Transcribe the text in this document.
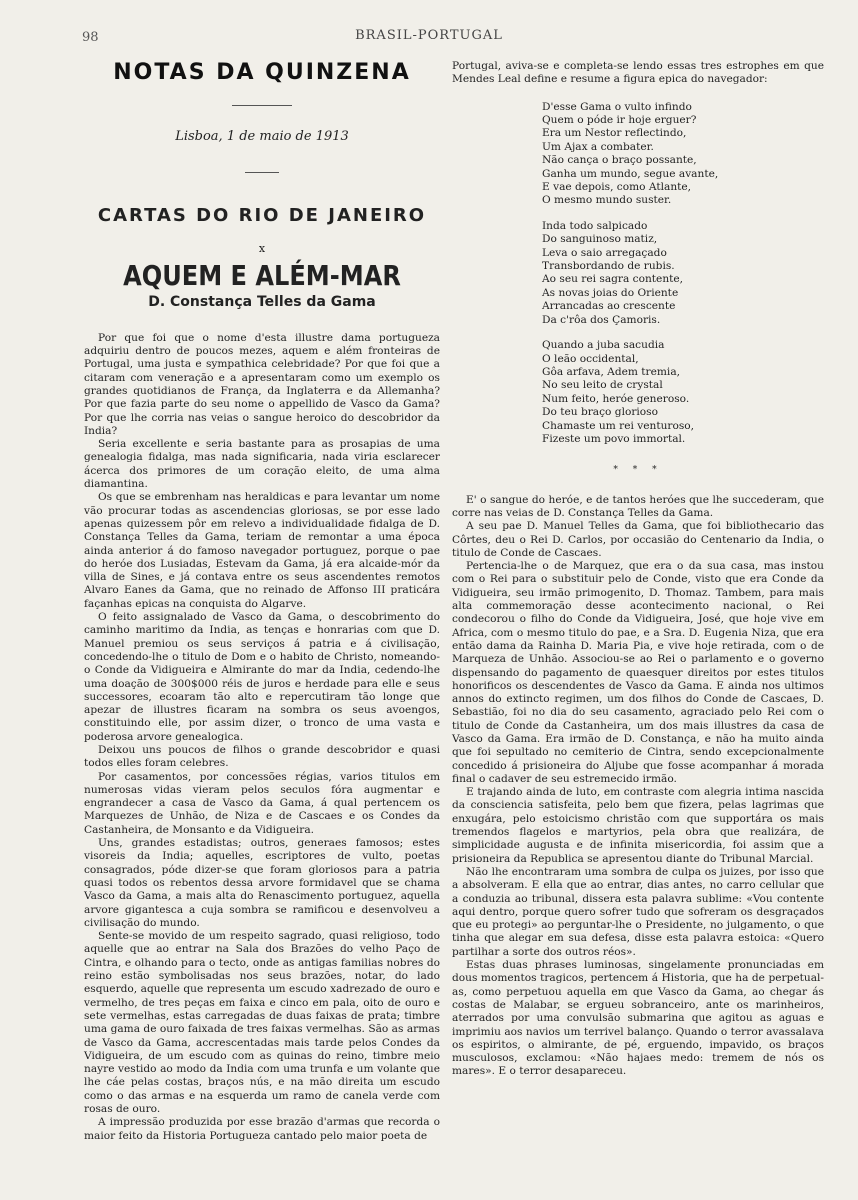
98	BRASIL-PORTUGAL
NOTAS DA QUINZENA
Lisboa, 1 de maio de 1913
CARTAS DO RIO DE JANEIRO
x
AQUEM E ALÉM-MAR
D. Constança Telles da Gama

Por que foi que o nome d'esta illustre dama portugueza adquiriu dentro de poucos mezes, aquem e além fronteiras de Portugal, uma justa e sympathica celebridade? Por que foi que a citaram com veneração e a apresentaram como um exemplo os grandes quotidianos de França, da Inglaterra e da Allemanha? Por que fazia parte do seu nome o appellido de Vasco da Gama? Por que lhe corria nas veias o sangue heroico do descobridor da India?

Seria excellente e seria bastante para as prosapias de uma genealogia fidalga, mas nada significaria, nada viria esclarecer ácerca dos primores de um coração eleito, de uma alma diamantina.

Os que se embrenham nas heraldicas e para levantar um nome vão procurar todas as ascendencias gloriosas, se por esse lado apenas quizessem pôr em relevo a individualidade fidalga de D. Constança Telles da Gama, teriam de remontar a uma época ainda anterior á do famoso navegador portuguez, porque o pae do heróe dos Lusiadas, Estevam da Gama, já era alcaide-mór da villa de Sines, e já contava entre os seus ascendentes remotos Alvaro Eanes da Gama, que no reinado de Affonso III praticára façanhas epicas na conquista do Algarve.

O feito assignalado de Vasco da Gama, o descobrimento do caminho maritimo da India, as tenças e honrarias com que D. Manuel premiou os seus serviços á patria e á civilisação, concedendo-lhe o titulo de Dom e o habito de Christo, nomeando-o Conde da Vidigueira e Almirante do mar da India, cedendo-lhe uma doação de 300$000 réis de juros e herdade para elle e seus successores, ecoaram tão alto e repercutiram tão longe que apezar de illustres ficaram na sombra os seus avoengos, constituindo elle, por assim dizer, o tronco de uma vasta e poderosa arvore genealogica.

Deixou uns poucos de filhos o grande descobridor e quasi todos elles foram celebres.

Por casamentos, por concessões régias, varios titulos em numerosas vidas vieram pelos seculos fóra augmentar e engrandecer a casa de Vasco da Gama, á qual pertencem os Marquezes de Unhão, de Niza e de Cascaes e os Condes da Castanheira, de Monsanto e da Vidigueira.

Uns, grandes estadistas; outros, generaes famosos; estes visoreis da India; aquelles, escriptores de vulto, poetas consagrados, póde dizer-se que foram gloriosos para a patria quasi todos os rebentos dessa arvore formidavel que se chama Vasco da Gama, a mais alta do Renascimento portuguez, aquella arvore gigantesca a cuja sombra se ramificou e desenvolveu a civilisação do mundo.

Sente-se movido de um respeito sagrado, quasi religioso, todo aquelle que ao entrar na Sala dos Brazões do velho Paço de Cintra, e olhando para o tecto, onde as antigas familias nobres do reino estão symbolisadas nos seus brazões, notar, do lado esquerdo, aquelle que representa um escudo xadrezado de ouro e vermelho, de tres peças em faixa e cinco em pala, oito de ouro e sete vermelhas, estas carregadas de duas faixas de prata; timbre uma gama de ouro faixada de tres faixas vermelhas. São as armas de Vasco da Gama, accrescentadas mais tarde pelos Condes da Vidigueira, de um escudo com as quinas do reino, timbre meio nayre vestido ao modo da India com uma trunfa e um volante que lhe cáe pelas costas, braços nús, e na mão direita um escudo como o das armas e na esquerda um ramo de canela verde com rosas de ouro.

A impressão produzida por esse brazão d'armas que recorda o maior feito da Historia Portugueza cantado pelo maior poeta de

Portugal, aviva-se e completa-se lendo essas tres estrophes em que Mendes Leal define e resume a figura epica do navegador:

D'esse Gama o vulto infindo
Quem o póde ir hoje erguer?
Era um Nestor reflectindo,
Um Ajax a combater.
Não cança o braço possante,
Ganha um mundo, segue avante,
E vae depois, como Atlante,
O mesmo mundo suster.
Inda todo salpicado
Do sanguinoso matiz,
Leva o saio arregaçado
Transbordando de rubis.
Ao seu rei sagra contente,
As novas joias do Oriente
Arrancadas ao crescente
Da c'rôa dos Çamoris.
Quando a juba sacudia
O leão occidental,
Gôa arfava, Adem tremia,
No seu leito de crystal
Num feito, heróe generoso.
Do teu braço glorioso
Chamaste um rei venturoso,
Fizeste um povo immortal.
* * *

E' o sangue do heróe, e de tantos heróes que lhe succederam, que corre nas veias de D. Constança Telles da Gama.

A seu pae D. Manuel Telles da Gama, que foi bibliothecario das Côrtes, deu o Rei D. Carlos, por occasião do Centenario da India, o titulo de Conde de Cascaes.

Pertencia-lhe o de Marquez, que era o da sua casa, mas instou com o Rei para o substituir pelo de Conde, visto que era Conde da Vidigueira, seu irmão primogenito, D. Thomaz. Tambem, para mais alta commemoração desse acontecimento nacional, o Rei condecorou o filho do Conde da Vidigueira, José, que hoje vive em Africa, com o mesmo titulo do pae, e a Sra. D. Eugenia Niza, que era então dama da Rainha D. Maria Pia, e vive hoje retirada, com o de Marqueza de Unhão. Associou-se ao Rei o parlamento e o governo dispensando do pagamento de quaesquer direitos por estes titulos honorificos os descendentes de Vasco da Gama. E ainda nos ultimos annos do extincto regimen, um dos filhos do Conde de Cascaes, D. Sebastião, foi no dia do seu casamento, agraciado pelo Rei com o titulo de Conde da Castanheira, um dos mais illustres da casa de Vasco da Gama. Era irmão de D. Constança, e não ha muito ainda que foi sepultado no cemiterio de Cintra, sendo excepcionalmente concedido á prisioneira do Aljube que fosse acompanhar á morada final o cadaver de seu estremecido irmão.

E trajando ainda de luto, em contraste com alegria intima nascida da consciencia satisfeita, pelo bem que fizera, pelas lagrimas que enxugára, pelo estoicismo christão com que supportára os mais tremendos flagelos e martyrios, pela obra que realizára, de simplicidade augusta e de infinita misericordia, foi assim que a prisioneira da Republica se apresentou diante do Tribunal Marcial.

Não lhe encontraram uma sombra de culpa os juizes, por isso que a absolveram. E ella que ao entrar, dias antes, no carro cellular que a conduzia ao tribunal, dissera esta palavra sublime: «Vou contente aqui dentro, porque quero sofrer tudo que sofreram os desgraçados que eu protegi» ao perguntar-lhe o Presidente, no julgamento, o que tinha que alegar em sua defesa, disse esta palavra estoica: «Quero partilhar a sorte dos outros réos».

Estas duas phrases luminosas, singelamente pronunciadas em dous momentos tragicos, pertencem á Historia, que ha de perpetual-as, como perpetuou aquella em que Vasco da Gama, ao chegar ás costas de Malabar, se ergueu sobranceiro, ante os marinheiros, aterrados por uma convulsão submarina que agitou as aguas e imprimiu aos navios um terrivel balanço. Quando o terror avassalava os espiritos, o almirante, de pé, erguendo, impavido, os braços musculosos, exclamou: «Não hajaes medo: tremem de nós os mares». E o terror desapareceu.
